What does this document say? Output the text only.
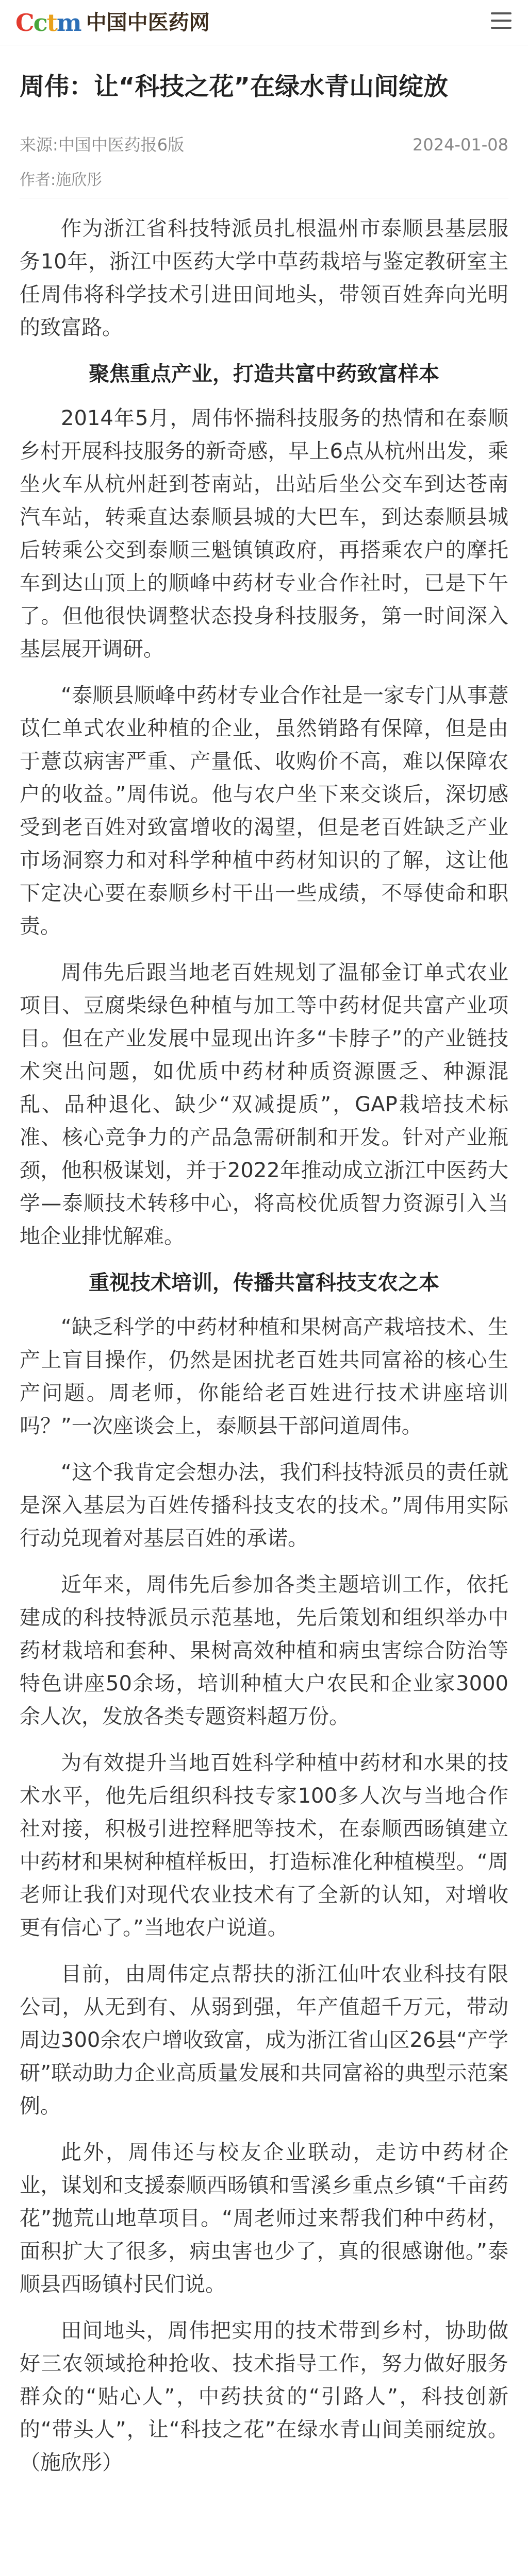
Cctm 中国中医药网
周伟：让“科技之花”在绿水青山间绽放
来源:中国中医药报6版	2024-01-08
作者:施欣彤
作为浙江省科技特派员扎根温州市泰顺县基层服务10年，浙江中医药大学中草药栽培与鉴定教研室主任周伟将科学技术引进田间地头，带领百姓奔向光明的致富路。
聚焦重点产业，打造共富中药致富样本
2014年5月，周伟怀揣科技服务的热情和在泰顺乡村开展科技服务的新奇感，早上6点从杭州出发，乘坐火车从杭州赶到苍南站，出站后坐公交车到达苍南汽车站，转乘直达泰顺县城的大巴车，到达泰顺县城后转乘公交到泰顺三魁镇镇政府，再搭乘农户的摩托车到达山顶上的顺峰中药材专业合作社时，已是下午了。但他很快调整状态投身科技服务，第一时间深入基层展开调研。
“泰顺县顺峰中药材专业合作社是一家专门从事薏苡仁单式农业种植的企业，虽然销路有保障，但是由于薏苡病害严重、产量低、收购价不高，难以保障农户的收益。”周伟说。他与农户坐下来交谈后，深切感受到老百姓对致富增收的渴望，但是老百姓缺乏产业市场洞察力和对科学种植中药材知识的了解，这让他下定决心要在泰顺乡村干出一些成绩，不辱使命和职责。
周伟先后跟当地老百姓规划了温郁金订单式农业项目、豆腐柴绿色种植与加工等中药材促共富产业项目。但在产业发展中显现出许多“卡脖子”的产业链技术突出问题，如优质中药材种质资源匮乏、种源混乱、品种退化、缺少“双减提质”，GAP栽培技术标准、核心竞争力的产品急需研制和开发。针对产业瓶颈，他积极谋划，并于2022年推动成立浙江中医药大学—泰顺技术转移中心，将高校优质智力资源引入当地企业排忧解难。
重视技术培训，传播共富科技支农之本
“缺乏科学的中药材种植和果树高产栽培技术、生产上盲目操作，仍然是困扰老百姓共同富裕的核心生产问题。周老师，你能给老百姓进行技术讲座培训吗？”一次座谈会上，泰顺县干部问道周伟。
“这个我肯定会想办法，我们科技特派员的责任就是深入基层为百姓传播科技支农的技术。”周伟用实际行动兑现着对基层百姓的承诺。
近年来，周伟先后参加各类主题培训工作，依托建成的科技特派员示范基地，先后策划和组织举办中药材栽培和套种、果树高效种植和病虫害综合防治等特色讲座50余场，培训种植大户农民和企业家3000余人次，发放各类专题资料超万份。
为有效提升当地百姓科学种植中药材和水果的技术水平，他先后组织科技专家100多人次与当地合作社对接，积极引进控释肥等技术，在泰顺西旸镇建立中药材和果树种植样板田，打造标准化种植模型。“周老师让我们对现代农业技术有了全新的认知，对增收更有信心了。”当地农户说道。
目前，由周伟定点帮扶的浙江仙叶农业科技有限公司，从无到有、从弱到强，年产值超千万元，带动周边300余农户增收致富，成为浙江省山区26县“产学研”联动助力企业高质量发展和共同富裕的典型示范案例。
此外，周伟还与校友企业联动，走访中药材企业，谋划和支援泰顺西旸镇和雪溪乡重点乡镇“千亩药花”抛荒山地草项目。“周老师过来帮我们种中药材，面积扩大了很多，病虫害也少了，真的很感谢他。”泰顺县西旸镇村民们说。
田间地头，周伟把实用的技术带到乡村，协助做好三农领域抢种抢收、技术指导工作，努力做好服务群众的“贴心人”，中药扶贫的“引路人”，科技创新的“带头人”，让“科技之花”在绿水青山间美丽绽放。（施欣彤）
